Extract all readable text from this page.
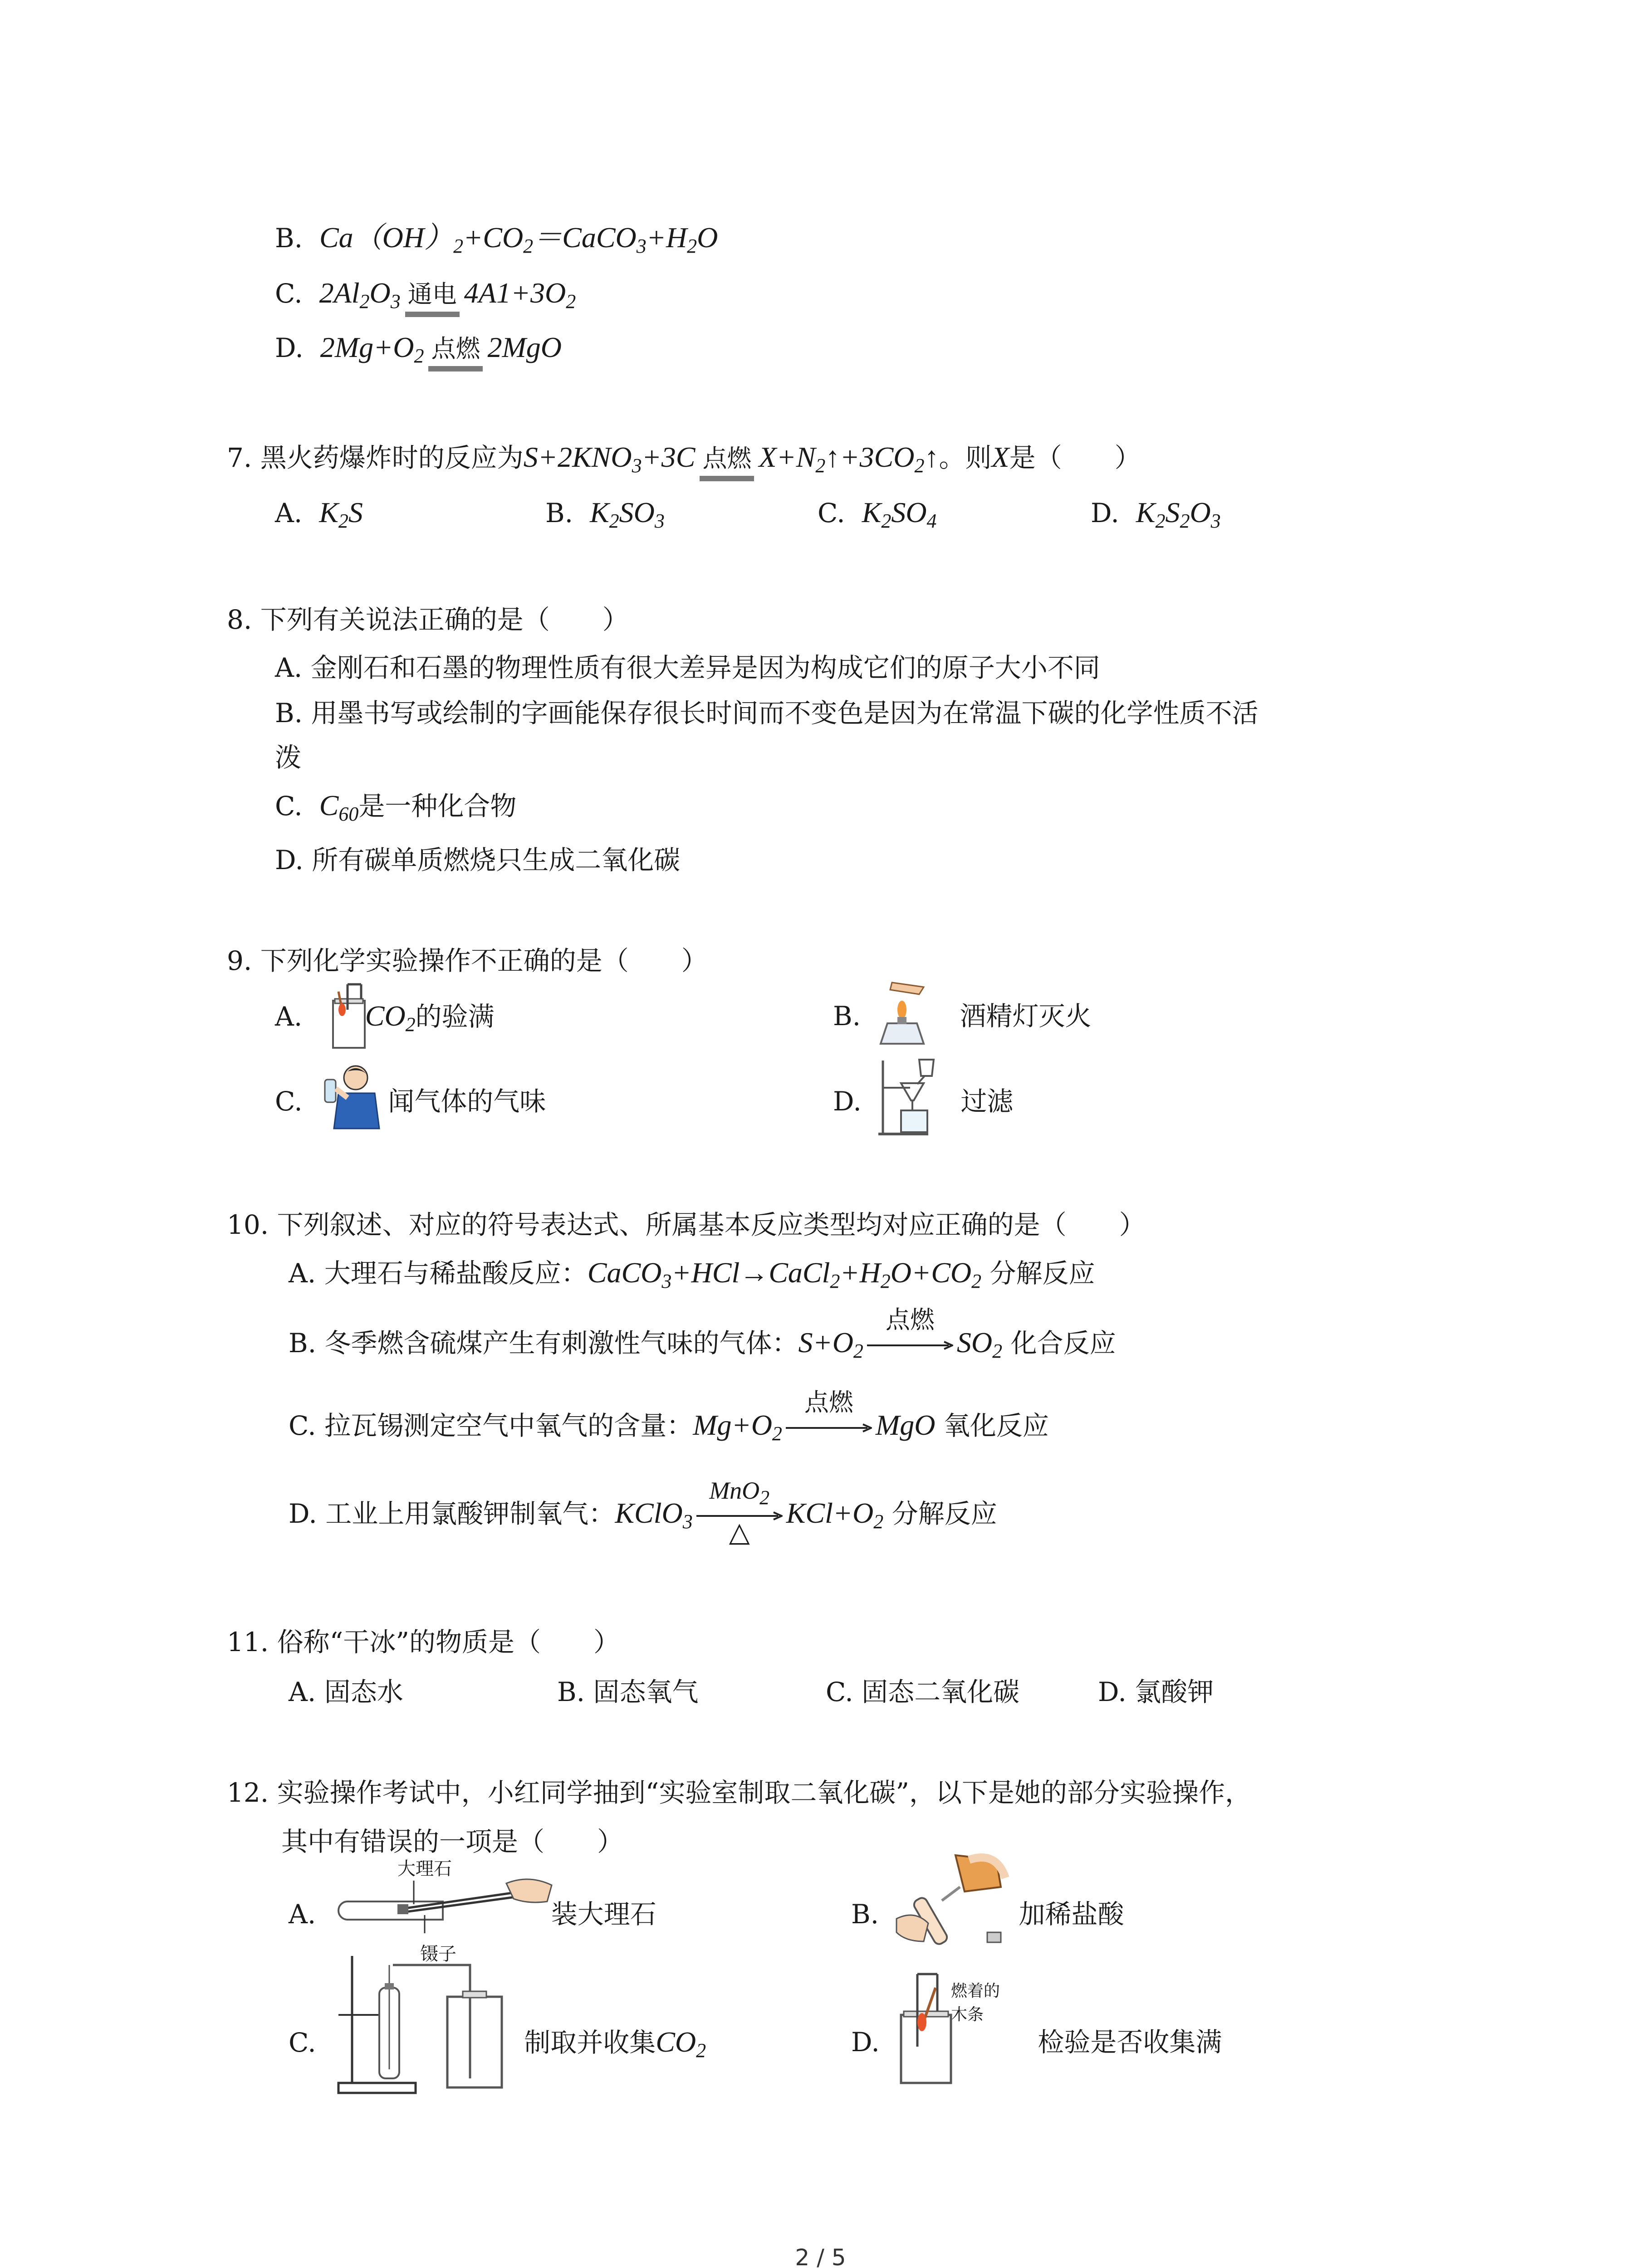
B. $Ca(OH)_2+CO_2=CaCO_3+H_2O$
C. $2Al_2O_3$ 通电 $4A1+3O_2$
D. $2Mg+O_2$ 点燃 2MgO
7. 黑火药爆炸时的反应为$S+2KNO_3+3C$ 点燃 $X+N_2↑+3CO_2↑$。则X是（　　）
A. $K_2S$	B. $K_2SO_3$	C. $K_2SO_4$	D. $K_2S_2O_3$
8. 下列有关说法正确的是（　　）
A. 金刚石和石墨的物理性质有很大差异是因为构成它们的原子大小不同
B. 用墨书写或绘制的字画能保存很长时间而不变色是因为在常温下碳的化学性质不活
泼
C. $C_{60}$是一种化合物
D. 所有碳单质燃烧只生成二氧化碳
9. 下列化学实验操作不正确的是（　　）
A. $CO_2$的验满	B.	酒精灯灭火
C.	闻气体的气味	D.	过滤
10. 下列叙述、对应的符号表达式、所属基本反应类型均对应正确的是（　　）
A. 大理石与稀盐酸反应：$CaCO_3+HCl\to CaCl_2+H_2O+CO_2$ 分解反应
B. 冬季燃含硫煤产生有刺激性气味的气体：$S+O_2$
点燃
$SO_2$ 化合反应
C. 拉瓦锡测定空气中氧气的含量：$Mg+O_2$
点燃
MgO 氧化反应
D. 工业上用氯酸钾制氧气：KClO$_3$
MnO$_2$
△
$KCl+O_2$ 分解反应
11. 俗称“干冰”的物质是（　　）
A. 固态水	B. 固态氧气	C. 固态二氧化碳	D. 氯酸钾
12. 实验操作考试中，小红同学抽到“实验室制取二氧化碳”，以下是她的部分实验操作，
其中有错误的一项是（　　）
A.
大理石
镊子
装大理石	B.	加稀盐酸
C.	制取并收集$CO_2$	D.
燃着的
木条
检验是否收集满
2 / 5
